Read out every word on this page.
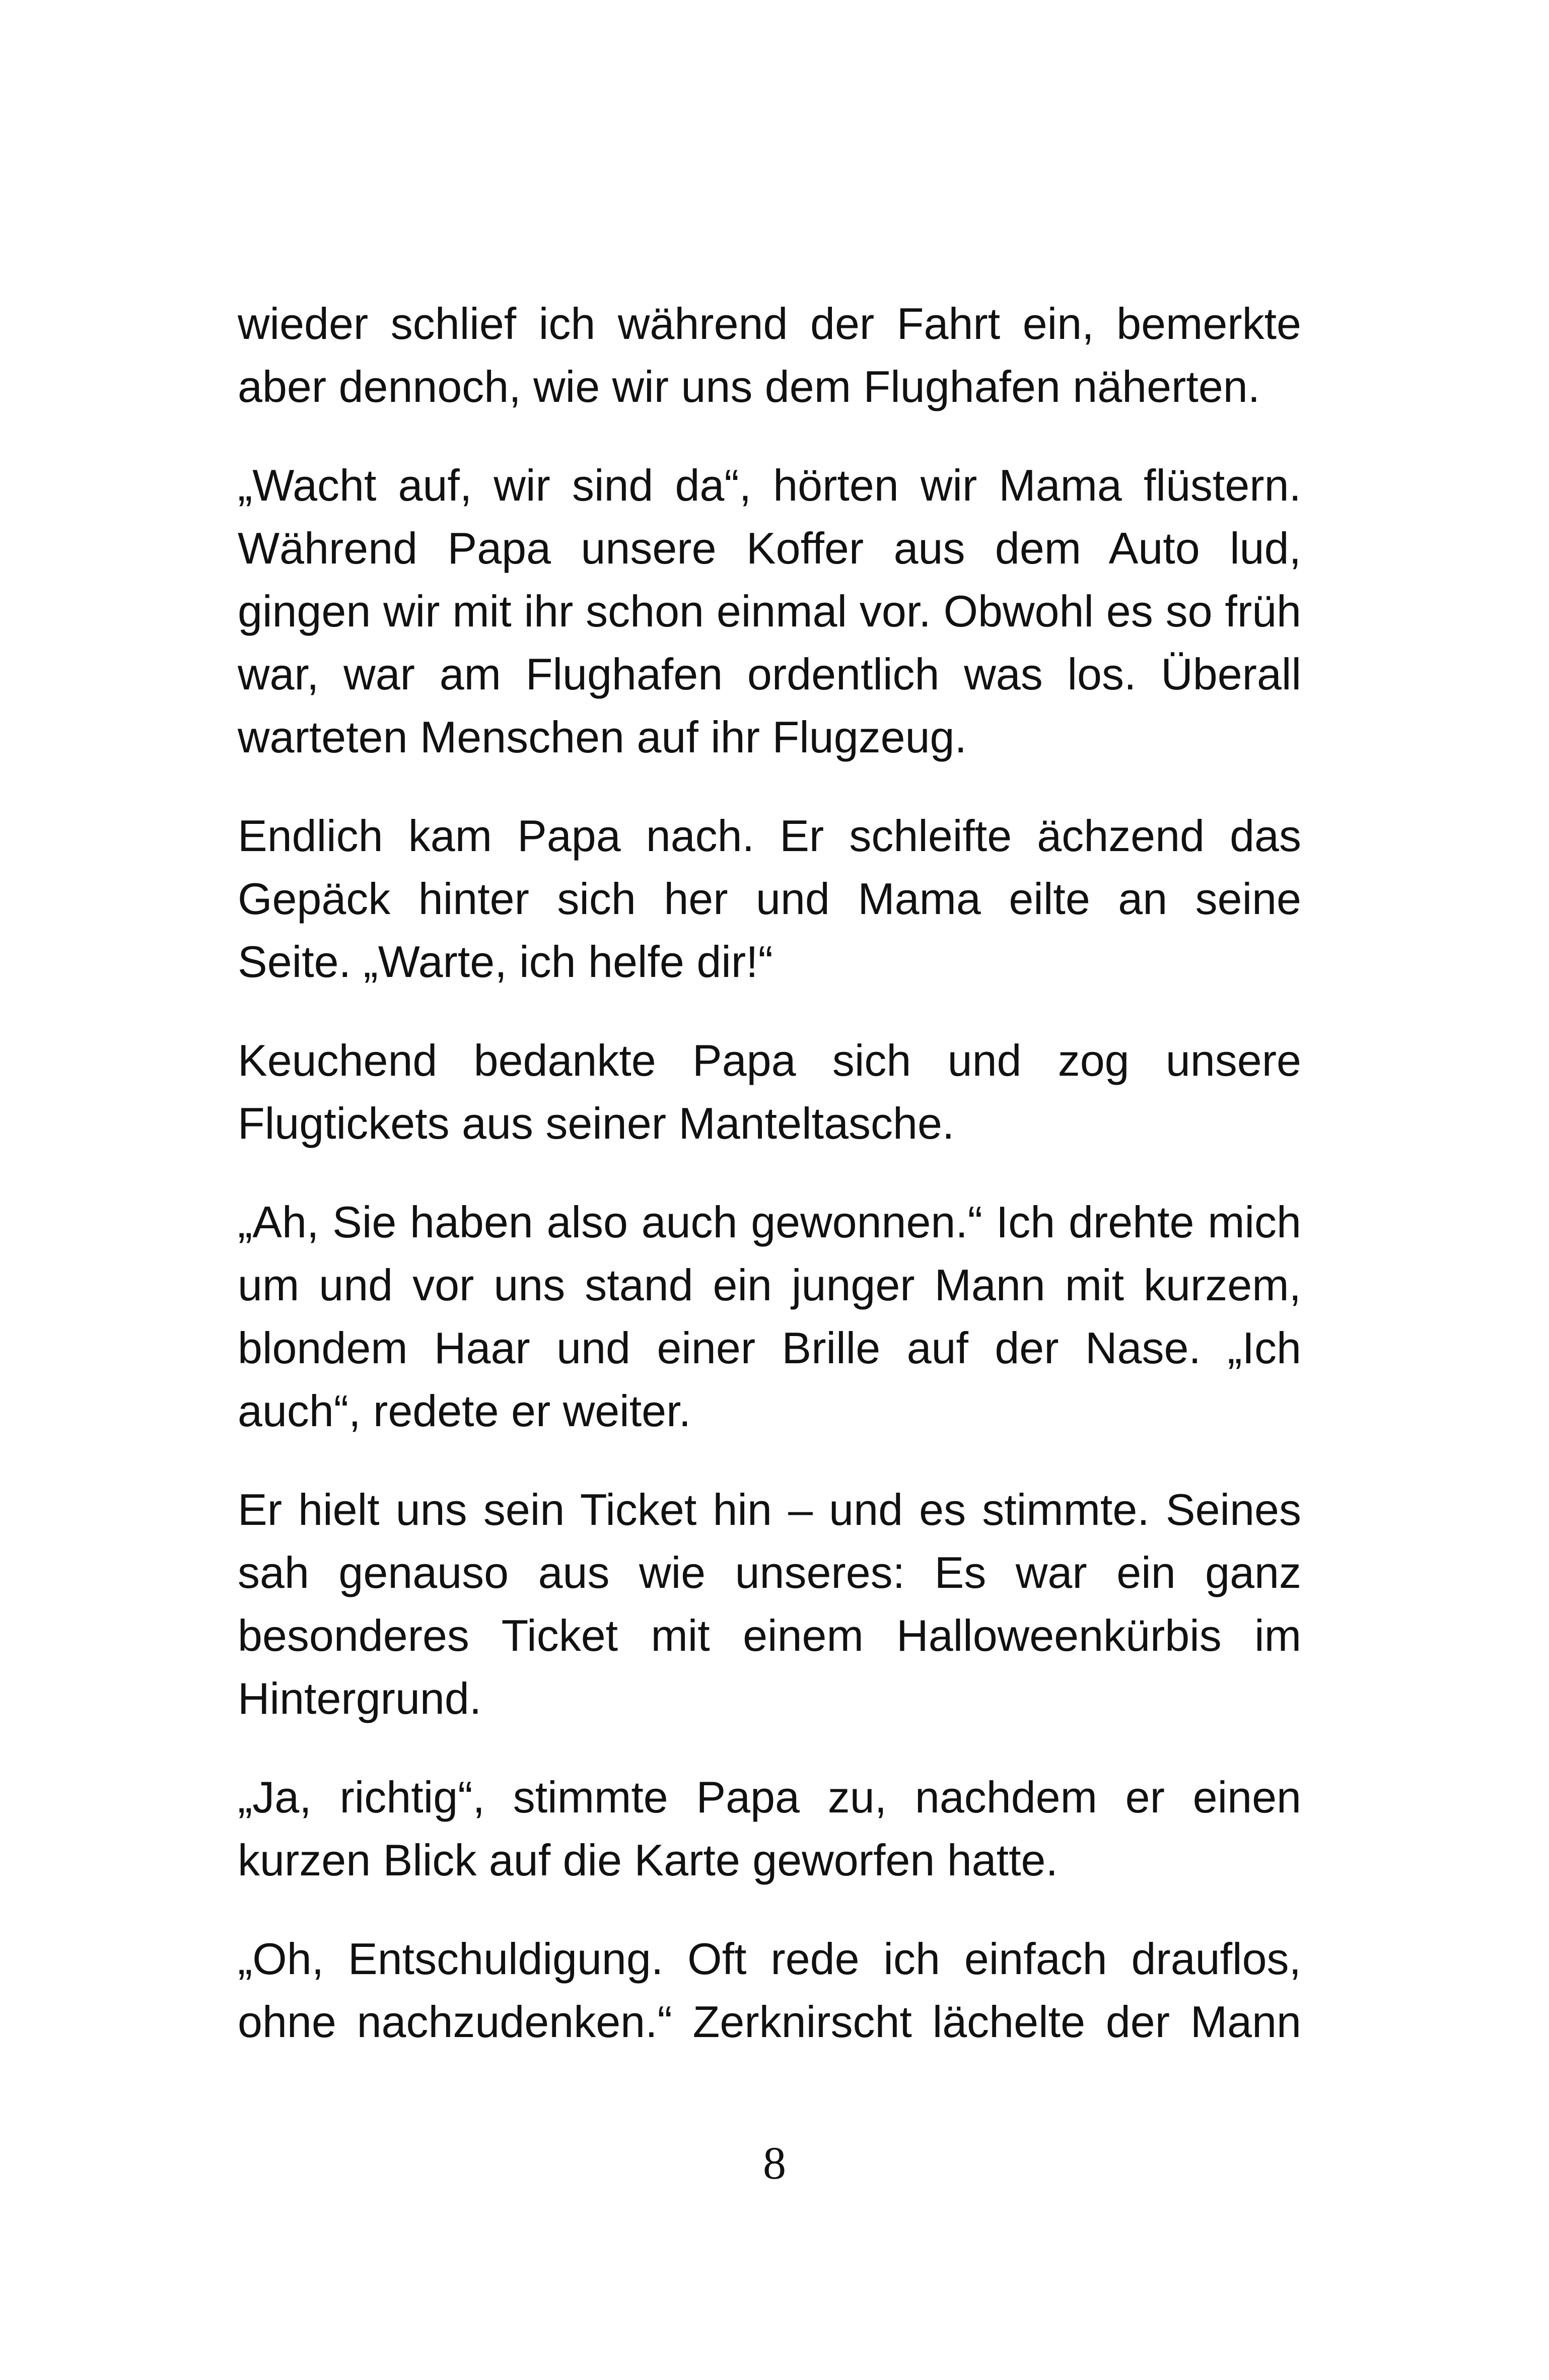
wieder schlief ich während der Fahrt ein, bemerkte aber dennoch, wie wir uns dem Flughafen näherten.

„Wacht auf, wir sind da“, hörten wir Mama flüstern. Während Papa unsere Koffer aus dem Auto lud, gingen wir mit ihr schon einmal vor. Obwohl es so früh war, war am Flughafen ordentlich was los. Überall warteten Menschen auf ihr Flugzeug.

Endlich kam Papa nach. Er schleifte ächzend das Gepäck hinter sich her und Mama eilte an seine Seite. „Warte, ich helfe dir!“

Keuchend bedankte Papa sich und zog unsere Flugtickets aus seiner Manteltasche.

„Ah, Sie haben also auch gewonnen.“ Ich drehte mich um und vor uns stand ein junger Mann mit kurzem, blondem Haar und einer Brille auf der Nase. „Ich auch“, redete er weiter.

Er hielt uns sein Ticket hin – und es stimmte. Seines sah genauso aus wie unseres: Es war ein ganz besonderes Ticket mit einem Halloweenkürbis im Hintergrund.

„Ja, richtig“, stimmte Papa zu, nachdem er einen kurzen Blick auf die Karte geworfen hatte.

„Oh, Entschuldigung. Oft rede ich einfach drauflos, ohne nachzudenken.“ Zerknirscht lächelte der Mann

8
